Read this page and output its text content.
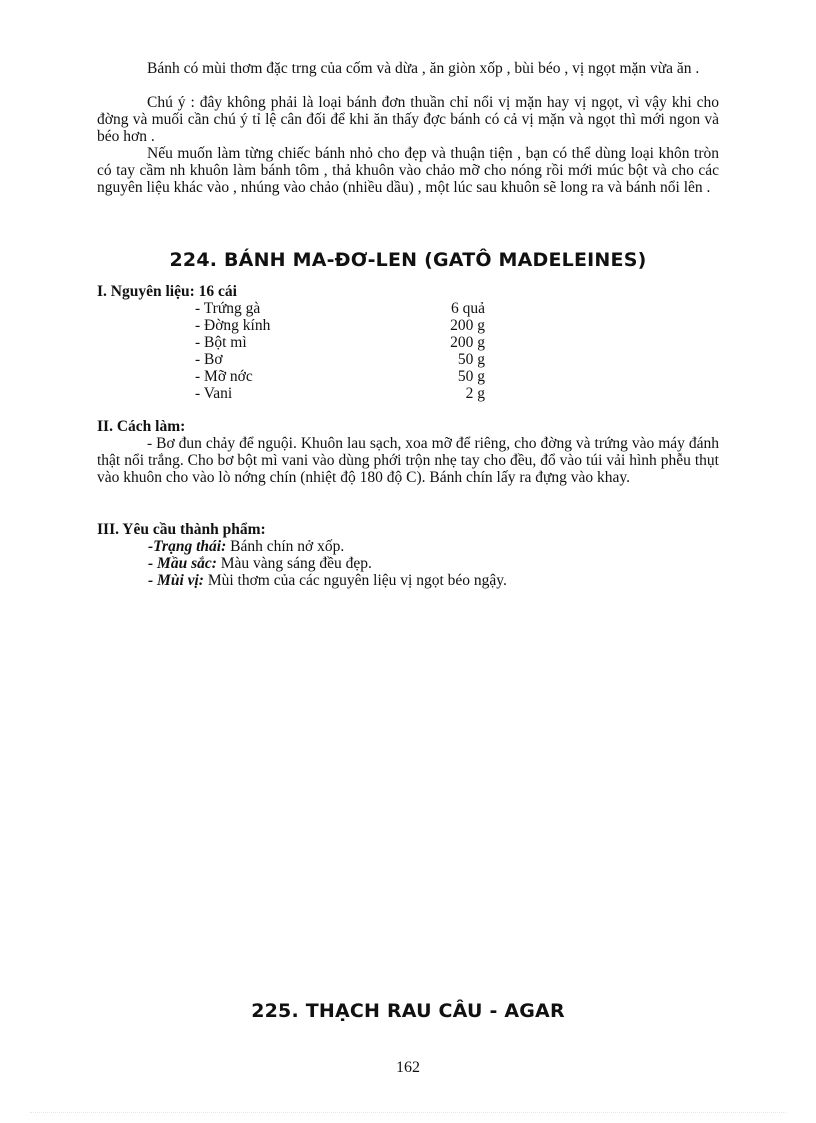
Bánh có mùi thơm đặc trng của cốm và dừa , ăn giòn xốp , bùi béo , vị ngọt mặn vừa ăn .

Chú ý : đây không phải là loại bánh đơn thuần chỉ nổi vị mặn hay vị ngọt, vì vậy khi cho đờng và muối cần chú ý tỉ lệ cân đối để khi ăn thấy đợc bánh có cả vị mặn và ngọt thì mới ngon và béo hơn .

Nếu muốn làm từng chiếc bánh nhỏ cho đẹp và thuận tiện , bạn có thể dùng loại khôn tròn có tay cầm nh khuôn làm bánh tôm , thả khuôn vào chảo mỡ cho nóng rồi mới múc bột và cho các nguyên liệu khác vào , nhúng vào chảo (nhiều dầu) , một lúc sau khuôn sẽ long ra và bánh nổi lên .

224. BÁNH MA-ĐƠ-LEN (GATÔ MADELEINES)

I. Nguyên liệu: 16 cái

- Trứng gà	6 quả
- Đờng kính	200 g
- Bột mì	200 g
- Bơ	50 g
- Mỡ nớc	50 g
- Vani	2 g

II. Cách làm:

- Bơ đun chảy để nguội. Khuôn lau sạch, xoa mỡ để riêng, cho đờng và trứng vào máy đánh thật nổi trắng. Cho bơ bột mì vani vào dùng phới trộn nhẹ tay cho đều, đổ vào túi vải hình phễu thụt vào khuôn cho vào lò nớng chín (nhiệt độ 180 độ C). Bánh chín lấy ra đựng vào khay.

III. Yêu cầu thành phẩm:

-Trạng thái: Bánh chín nở xốp.

- Mầu sắc: Màu vàng sáng đều đẹp.

- Mùi vị: Mùi thơm của các nguyên liệu vị ngọt béo ngậy.

225. THẠCH RAU CÂU - AGAR
162
